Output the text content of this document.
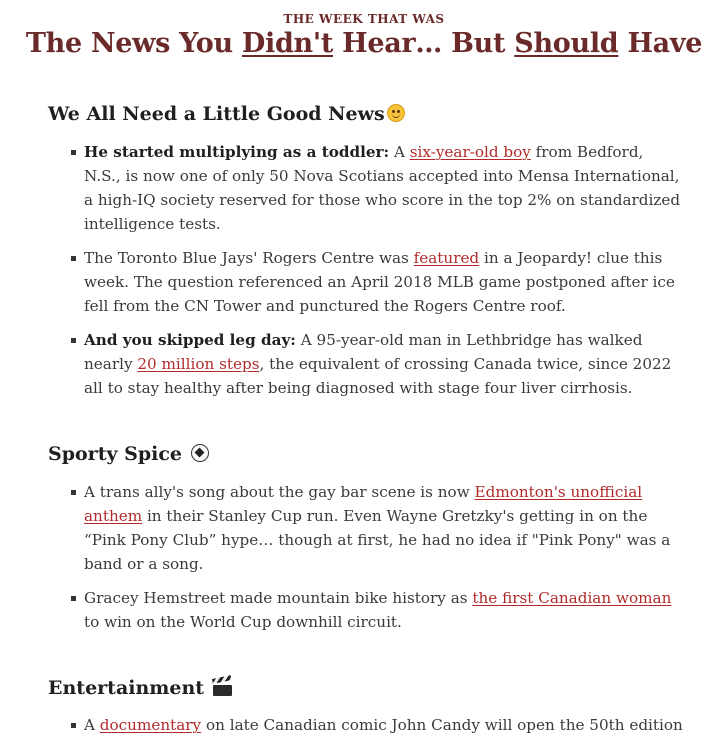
THE WEEK THAT WAS
The News You Didn't Hear… But Should Have
We All Need a Little Good News
He started multiplying as a toddler: A six-year-old boy from Bedford, N.S., is now one of only 50 Nova Scotians accepted into Mensa International, a high-IQ society reserved for those who score in the top 2% on standardized intelligence tests.
The Toronto Blue Jays' Rogers Centre was featured in a Jeopardy! clue this week. The question referenced an April 2018 MLB game postponed after ice fell from the CN Tower and punctured the Rogers Centre roof.
And you skipped leg day: A 95-year-old man in Lethbridge has walked nearly 20 million steps, the equivalent of crossing Canada twice, since 2022 all to stay healthy after being diagnosed with stage four liver cirrhosis.
Sporty Spice
A trans ally's song about the gay bar scene is now Edmonton's unofficial anthem in their Stanley Cup run. Even Wayne Gretzky's getting in on the “Pink Pony Club” hype… though at first, he had no idea if "Pink Pony" was a band or a song.
Gracey Hemstreet made mountain bike history as the first Canadian woman to win on the World Cup downhill circuit.
Entertainment
A documentary on late Canadian comic John Candy will open the 50th edition
